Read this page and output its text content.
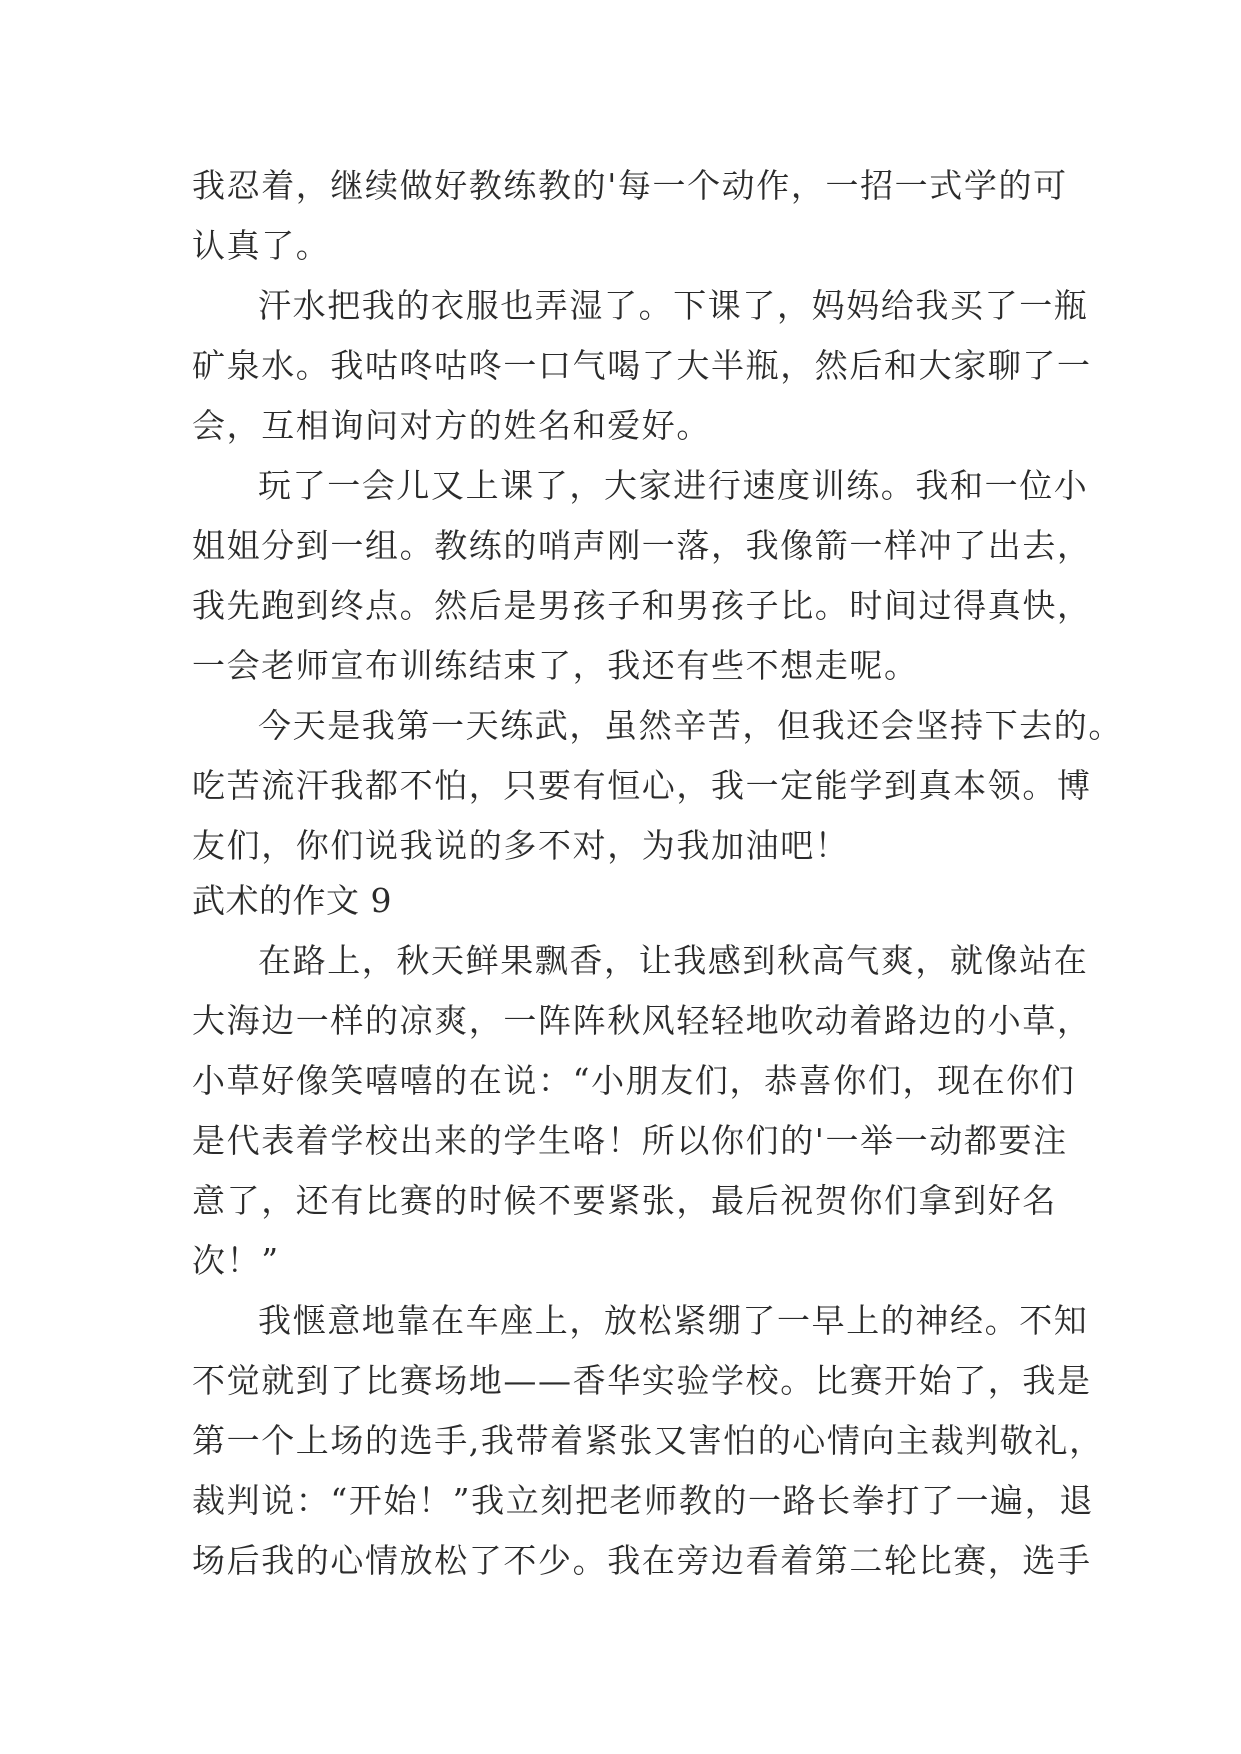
我忍着，继续做好教练教的'每一个动作，一招一式学的可
认真了。
汗水把我的衣服也弄湿了。下课了，妈妈给我买了一瓶
矿泉水。我咕咚咕咚一口气喝了大半瓶，然后和大家聊了一
会，互相询问对方的姓名和爱好。
玩了一会儿又上课了，大家进行速度训练。我和一位小
姐姐分到一组。教练的哨声刚一落，我像箭一样冲了出去，
我先跑到终点。然后是男孩子和男孩子比。时间过得真快，
一会老师宣布训练结束了，我还有些不想走呢。
今天是我第一天练武，虽然辛苦，但我还会坚持下去的。
吃苦流汗我都不怕，只要有恒心，我一定能学到真本领。博
友们，你们说我说的多不对，为我加油吧！
武术的作文 9
在路上，秋天鲜果飘香，让我感到秋高气爽，就像站在
大海边一样的凉爽，一阵阵秋风轻轻地吹动着路边的小草，
小草好像笑嘻嘻的在说：“小朋友们，恭喜你们，现在你们
是代表着学校出来的学生咯！所以你们的'一举一动都要注
意了，还有比赛的时候不要紧张，最后祝贺你们拿到好名
次！”
我惬意地靠在车座上，放松紧绷了一早上的神经。不知
不觉就到了比赛场地——香华实验学校。比赛开始了，我是
第一个上场的选手,我带着紧张又害怕的心情向主裁判敬礼，
裁判说：“开始！”我立刻把老师教的一路长拳打了一遍，退
场后我的心情放松了不少。我在旁边看着第二轮比赛，选手
